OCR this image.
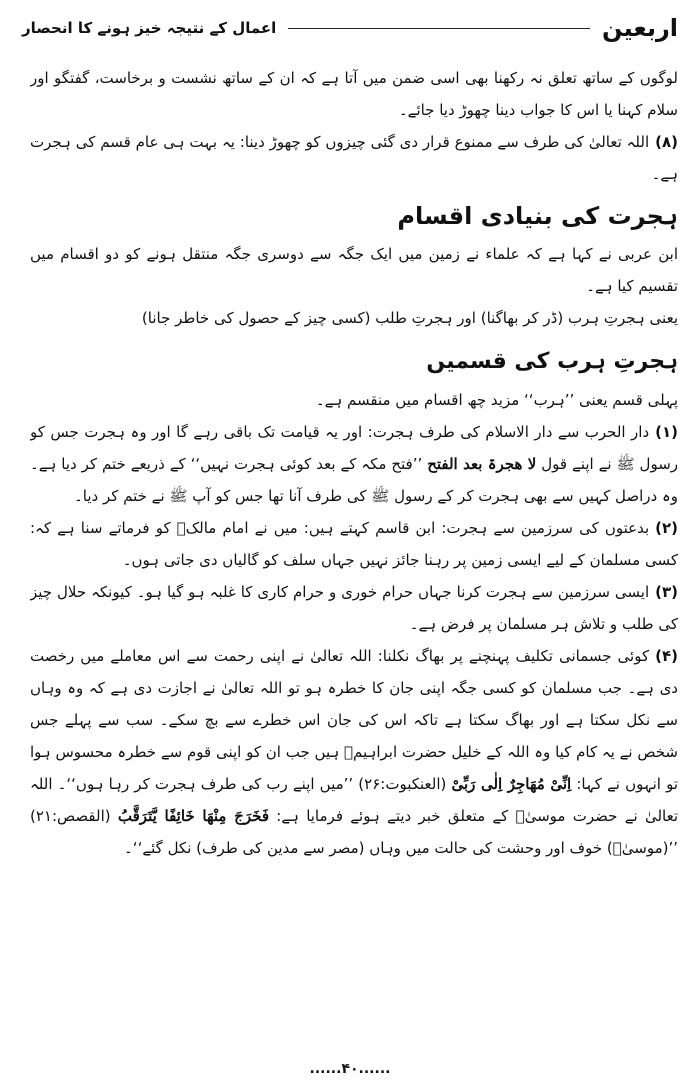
اربعین
اعمال کے نتیجہ خیز ہونے کا انحصار

لوگوں کے ساتھ تعلق نہ رکھنا بھی اسی ضمن میں آتا ہے کہ ان کے ساتھ نشست و برخاست، گفتگو اور سلام کہنا یا اس کا جواب دینا چھوڑ دیا جائے۔

(۸)اللہ تعالیٰ کی طرف سے ممنوع قرار دی گئی چیزوں کو چھوڑ دینا: یہ بہت ہی عام قسم کی ہجرت ہے۔

ہجرت کی بنیادی اقسام

ابن عربی نے کہا ہے کہ علماء نے زمین میں ایک جگہ سے دوسری جگہ منتقل ہونے کو دو اقسام میں تقسیم کیا ہے۔

یعنی ہجرتِ ہرب (ڈر کر بھاگنا) اور ہجرتِ طلب (کسی چیز کے حصول کی خاطر جانا)

ہجرتِ ہرب کی قسمیں

پہلی قسم یعنی ’’ہرب‘‘ مزید چھ اقسام میں منقسم ہے۔

(۱)دار الحرب سے دار الاسلام کی طرف ہجرت: اور یہ قیامت تک باقی رہے گا اور وہ ہجرت جس کو رسول ﷺ نے اپنے قول لا ھجرۃ بعد الفتح ’’فتح مکہ کے بعد کوئی ہجرت نہیں‘‘ کے ذریعے ختم کر دیا ہے۔ وہ دراصل کہیں سے بھی ہجرت کر کے رسول ﷺ کی طرف آنا تھا جس کو آپ ﷺ نے ختم کر دیا۔

(۲)بدعتوں کی سرزمین سے ہجرت: ابن قاسم کہتے ہیں: میں نے امام مالکؒ کو فرماتے سنا ہے کہ: کسی مسلمان کے لیے ایسی زمین پر رہنا جائز نہیں جہاں سلف کو گالیاں دی جاتی ہوں۔

(۳)ایسی سرزمین سے ہجرت کرنا جہاں حرام خوری و حرام کاری کا غلبہ ہو گیا ہو۔ کیونکہ حلال چیز کی طلب و تلاش ہر مسلمان پر فرض ہے۔

(۴)کوئی جسمانی تکلیف پہنچنے پر بھاگ نکلنا: اللہ تعالیٰ نے اپنی رحمت سے اس معاملے میں رخصت دی ہے۔ جب مسلمان کو کسی جگہ اپنی جان کا خطرہ ہو تو اللہ تعالیٰ نے اجازت دی ہے کہ وہ وہاں سے نکل سکتا ہے اور بھاگ سکتا ہے تاکہ اس کی جان اس خطرے سے بچ سکے۔ سب سے پہلے جس شخص نے یہ کام کیا وہ اللہ کے خلیل حضرت ابراہیمؑ ہیں جب ان کو اپنی قوم سے خطرہ محسوس ہوا تو انہوں نے کہا: اِنِّیْ مُھَاجِرٌ اِلٰی رَبِّیْ (العنکبوت:۲۶) ’’میں اپنے رب کی طرف ہجرت کر رہا ہوں‘‘۔ اللہ تعالیٰ نے حضرت موسیٰؑ کے متعلق خبر دیتے ہوئے فرمایا ہے: فَخَرَجَ مِنْھَا خَائِفًا یَّتَرَقَّبُ (القصص:۲۱) ’’(موسیٰؑ) خوف اور وحشت کی حالت میں وہاں (مصر سے مدین کی طرف) نکل گئے‘‘۔

......۴۰......
